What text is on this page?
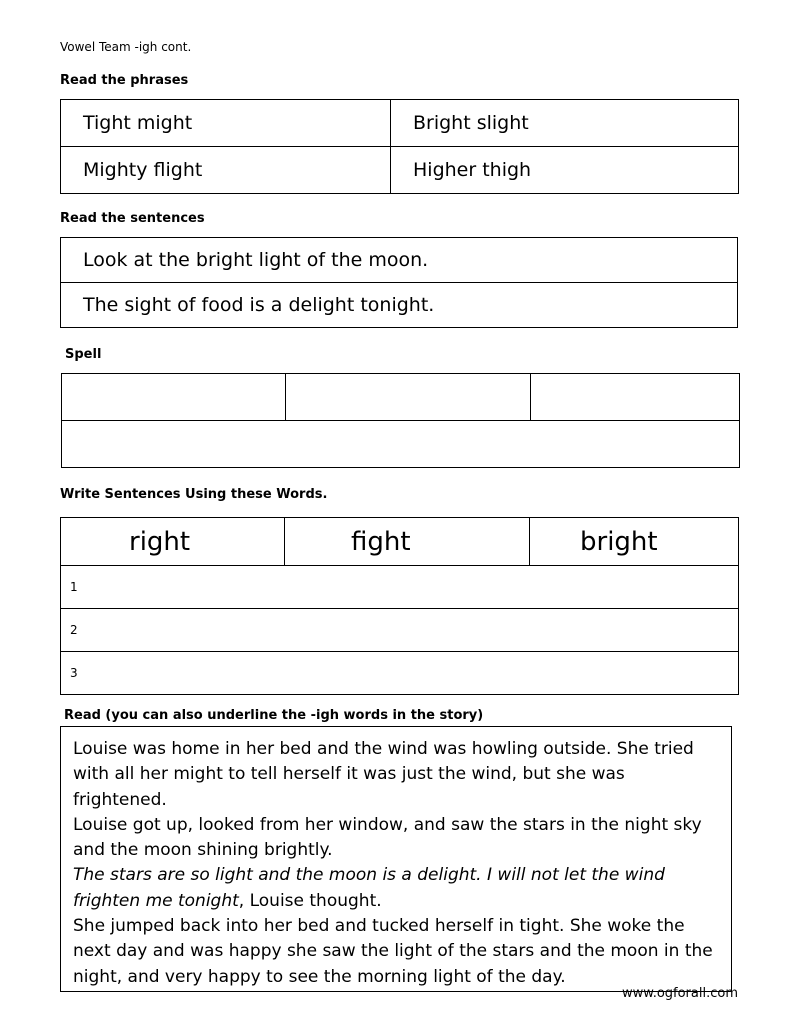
Vowel Team -igh cont.
Read the phrases
Tight might	Bright slight
Mighty flight	Higher thigh
Read the sentences
Look at the bright light of the moon.
The sight of food is a delight tonight.
Spell

Write Sentences Using these Words.
right	fight	bright
1
2
3
Read (you can also underline the -igh words in the story)

Louise was home in her bed and the wind was howling outside. She tried with all her might to tell herself it was just the wind, but she was frightened.

Louise got up, looked from her window, and saw the stars in the night sky and the moon shining brightly.

The stars are so light and the moon is a delight. I will not let the wind frighten me tonight, Louise thought.

She jumped back into her bed and tucked herself in tight. She woke the next day and was happy she saw the light of the stars and the moon in the night, and very happy to see the morning light of the day.

www.ogforall.com
